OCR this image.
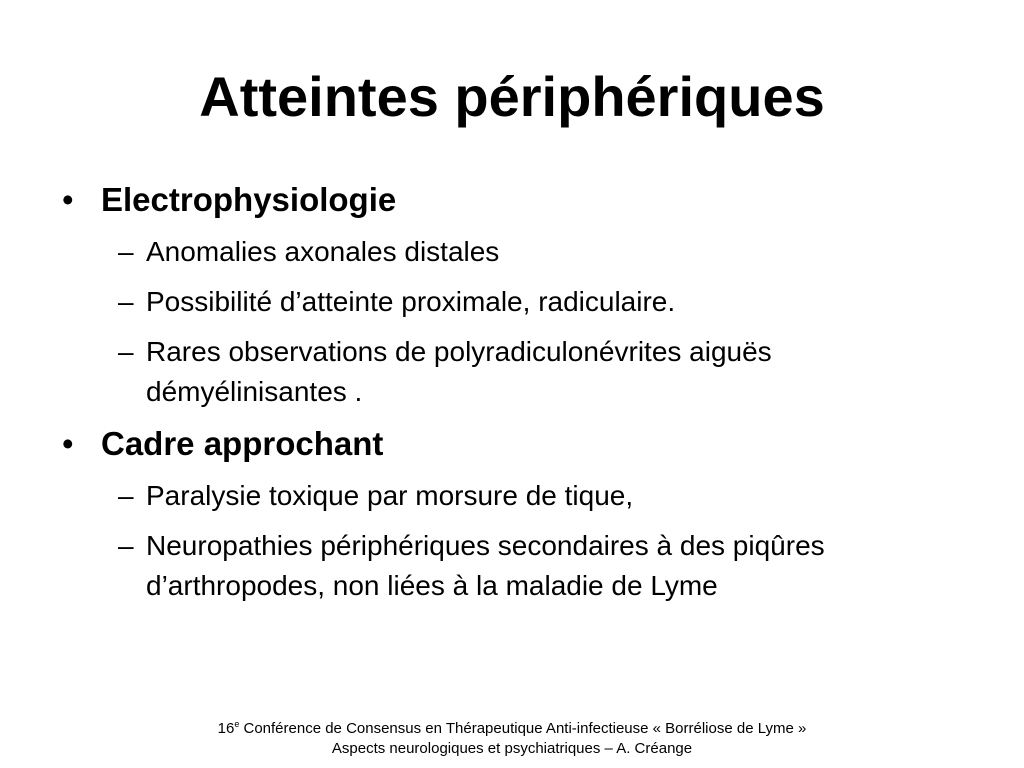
Atteintes périphériques

• Electrophysiologie

– Anomalies axonales distales

– Possibilité d’atteinte proximale, radiculaire.

– Rares observations de polyradiculonévrites aiguës démyélinisantes .

• Cadre approchant

– Paralysie toxique par morsure de tique,

– Neuropathies périphériques secondaires à des piqûres d’arthropodes, non liées à la maladie de Lyme

16e Conférence de Consensus en Thérapeutique Anti-infectieuse « Borréliose de Lyme »
Aspects neurologiques et psychiatriques – A. Créange
